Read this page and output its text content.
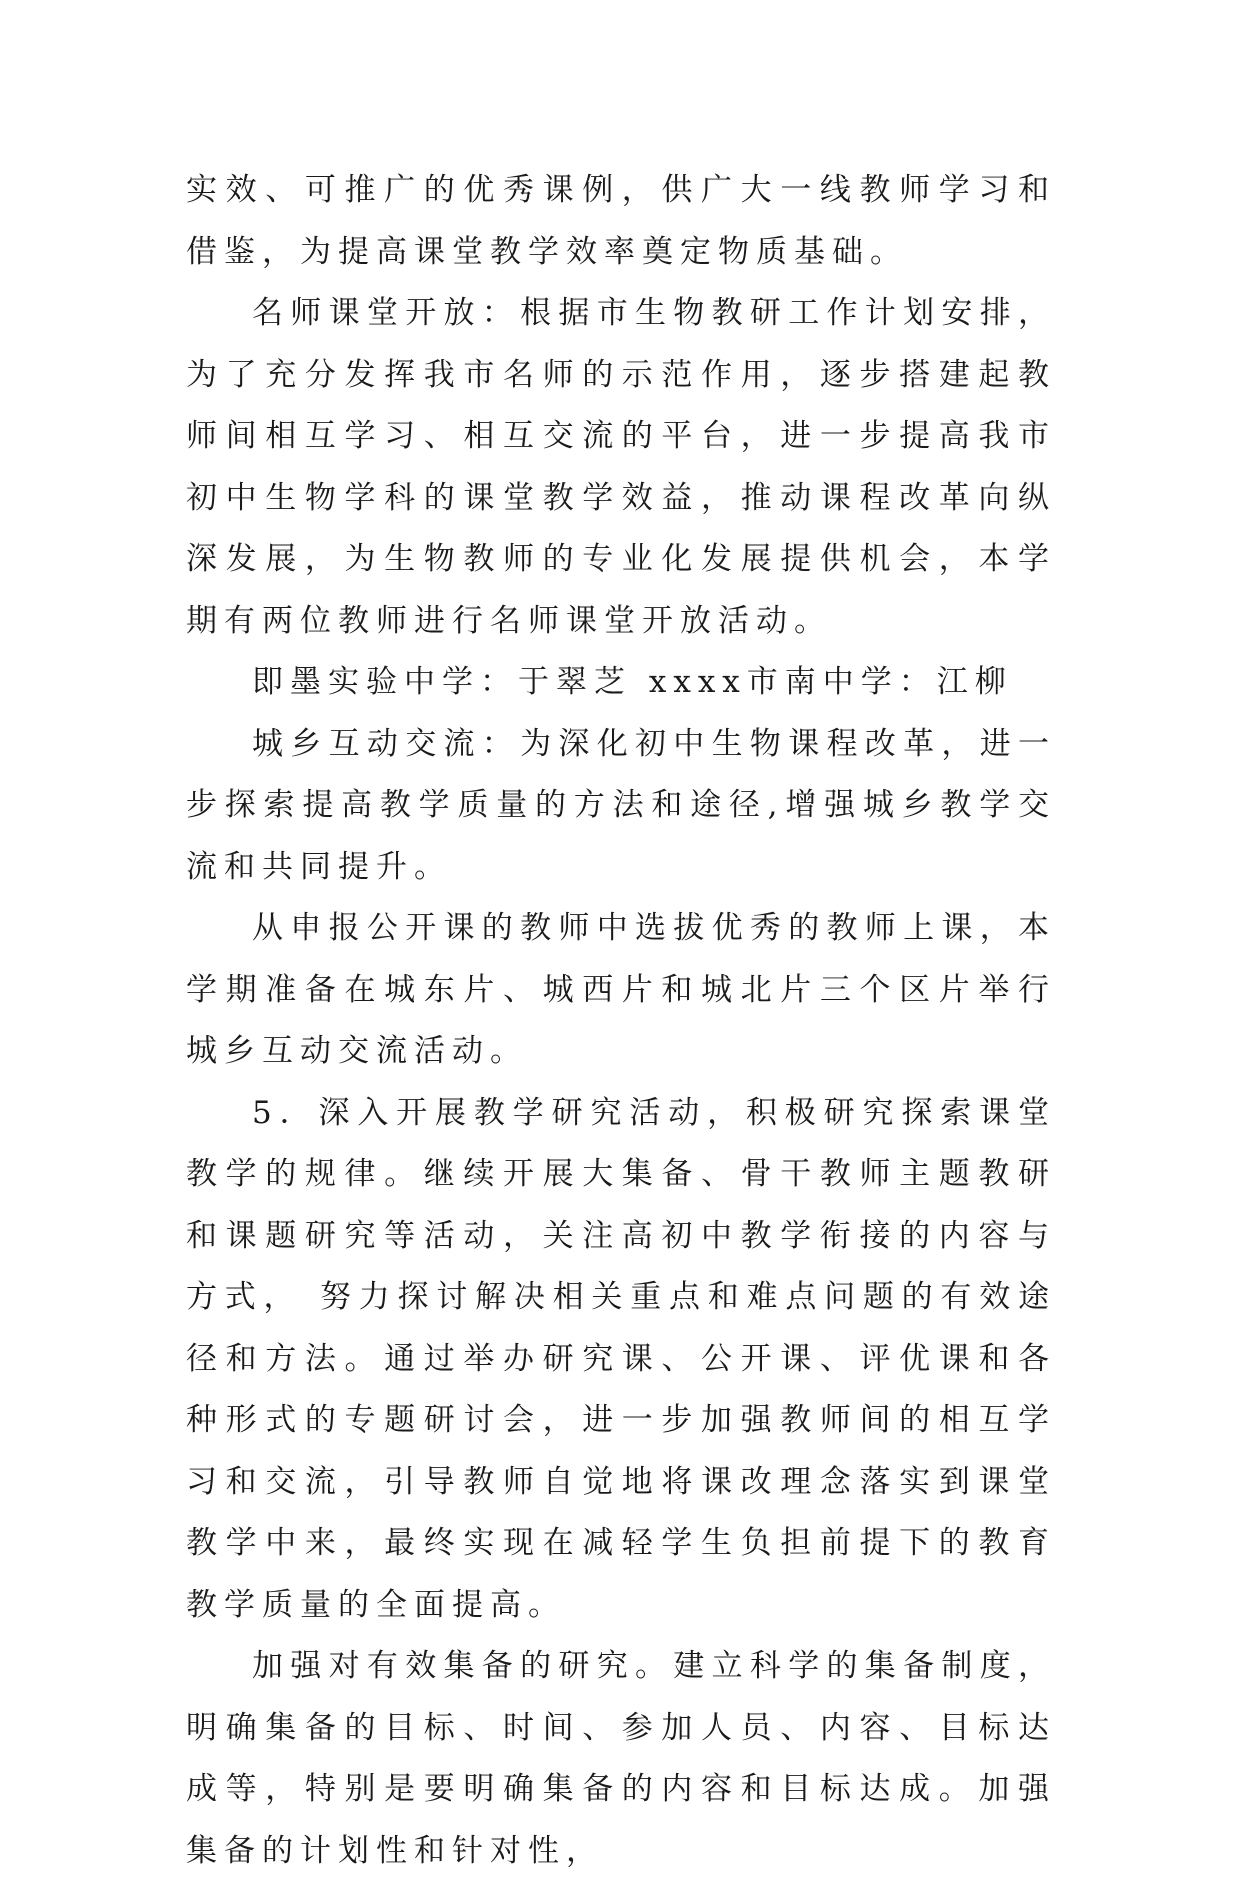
实效、可推广的优秀课例，供广大一线教师学习和借鉴，为提高课堂教学效率奠定物质基础。

名师课堂开放：根据市生物教研工作计划安排，为了充分发挥我市名师的示范作用，逐步搭建起教师间相互学习、相互交流的平台，进一步提高我市初中生物学科的课堂教学效益，推动课程改革向纵深发展，为生物教师的专业化发展提供机会，本学期有两位教师进行名师课堂开放活动。

即墨实验中学：于翠芝 xxxx市南中学：江柳

城乡互动交流：为深化初中生物课程改革，进一步探索提高教学质量的方法和途径,增强城乡教学交流和共同提升。

从申报公开课的教师中选拔优秀的教师上课，本学期准备在城东片、城西片和城北片三个区片举行城乡互动交流活动。

5．深入开展教学研究活动，积极研究探索课堂教学的规律。继续开展大集备、骨干教师主题教研和课题研究等活动，关注高初中教学衔接的内容与方式， 努力探讨解决相关重点和难点问题的有效途径和方法。通过举办研究课、公开课、评优课和各种形式的专题研讨会，进一步加强教师间的相互学习和交流，引导教师自觉地将课改理念落实到课堂教学中来，最终实现在减轻学生负担前提下的教育教学质量的全面提高。

加强对有效集备的研究。建立科学的集备制度，明确集备的目标、时间、参加人员、内容、目标达成等，特别是要明确集备的内容和目标达成。加强集备的计划性和针对性，
